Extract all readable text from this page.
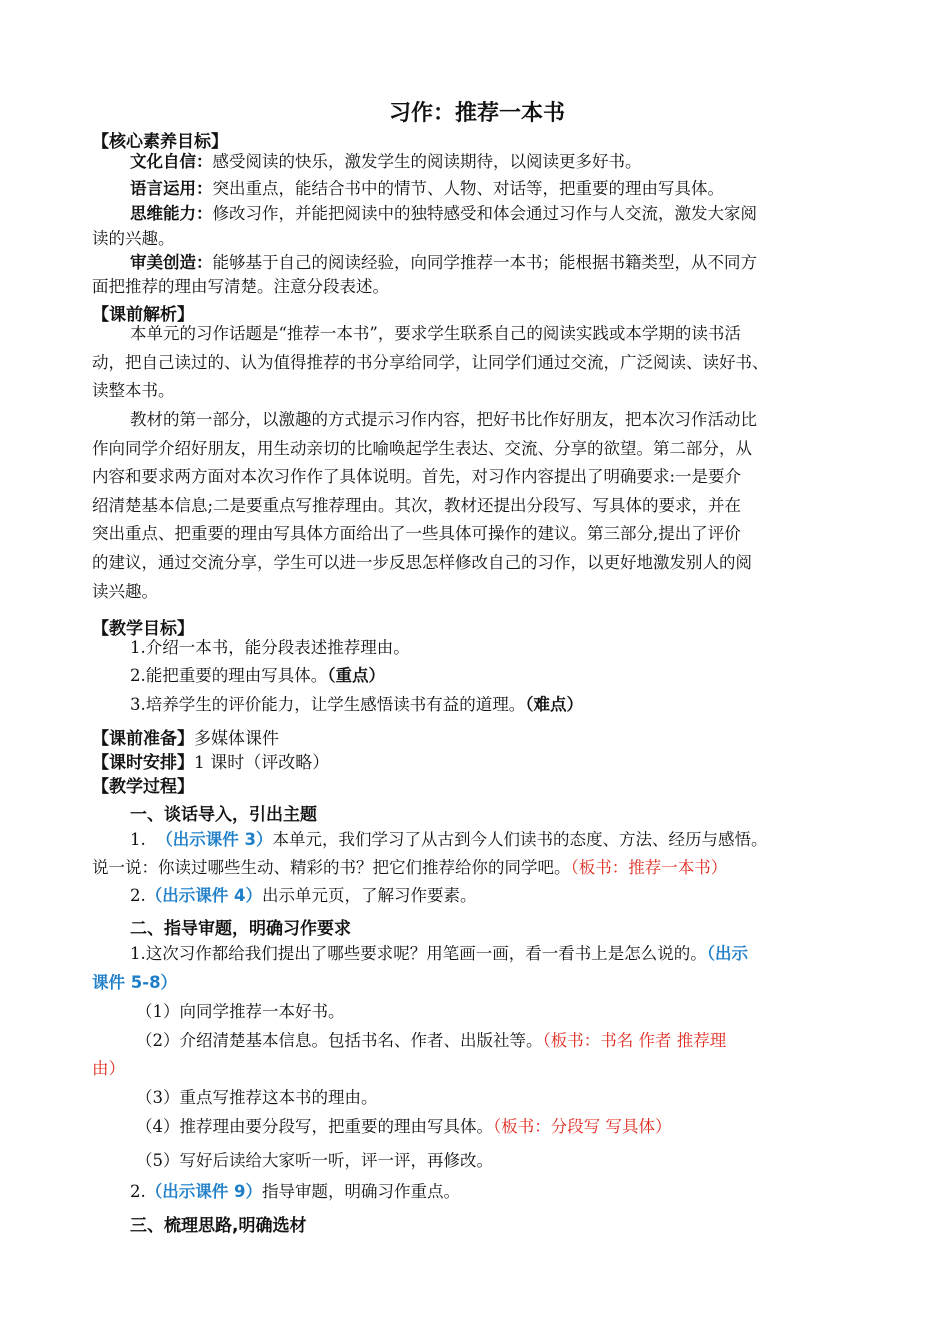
习作：推荐一本书
【核心素养目标】
文化自信：感受阅读的快乐，激发学生的阅读期待，以阅读更多好书。
语言运用：突出重点，能结合书中的情节、人物、对话等，把重要的理由写具体。
思维能力：修改习作，并能把阅读中的独特感受和体会通过习作与人交流，激发大家阅
读的兴趣。
审美创造：能够基于自己的阅读经验，向同学推荐一本书；能根据书籍类型，从不同方
面把推荐的理由写清楚。注意分段表述。
【课前解析】
本单元的习作话题是“推荐一本书”，要求学生联系自己的阅读实践或本学期的读书活
动，把自己读过的、认为值得推荐的书分享给同学，让同学们通过交流，广泛阅读、读好书、
读整本书。
教材的第一部分，以激趣的方式提示习作内容，把好书比作好朋友，把本次习作活动比
作向同学介绍好朋友，用生动亲切的比喻唤起学生表达、交流、分享的欲望。第二部分，从
内容和要求两方面对本次习作作了具体说明。首先，对习作内容提出了明确要求:一是要介
绍清楚基本信息;二是要重点写推荐理由。其次，教材还提出分段写、写具体的要求，并在
突出重点、把重要的理由写具体方面给出了一些具体可操作的建议。第三部分,提出了评价
的建议，通过交流分享，学生可以进一步反思怎样修改自己的习作，以更好地激发别人的阅
读兴趣。
【教学目标】
1.介绍一本书，能分段表述推荐理由。
2.能把重要的理由写具体。（重点）
3.培养学生的评价能力，让学生感悟读书有益的道理。（难点）
【课前准备】多媒体课件
【课时安排】1 课时（评改略）
【教学过程】
一、谈话导入，引出主题
1. （出示课件 3）本单元，我们学习了从古到今人们读书的态度、方法、经历与感悟。
说一说：你读过哪些生动、精彩的书？把它们推荐给你的同学吧。（板书：推荐一本书）
2.（出示课件 4）出示单元页，了解习作要素。
二、指导审题，明确习作要求
1.这次习作都给我们提出了哪些要求呢？用笔画一画，看一看书上是怎么说的。（出示
课件 5-8）
（1）向同学推荐一本好书。
（2）介绍清楚基本信息。包括书名、作者、出版社等。（板书：书名 作者 推荐理
由）
（3）重点写推荐这本书的理由。
（4）推荐理由要分段写，把重要的理由写具体。（板书：分段写 写具体）
（5）写好后读给大家听一听，评一评，再修改。
2.（出示课件 9）指导审题，明确习作重点。
三、梳理思路,明确选材
